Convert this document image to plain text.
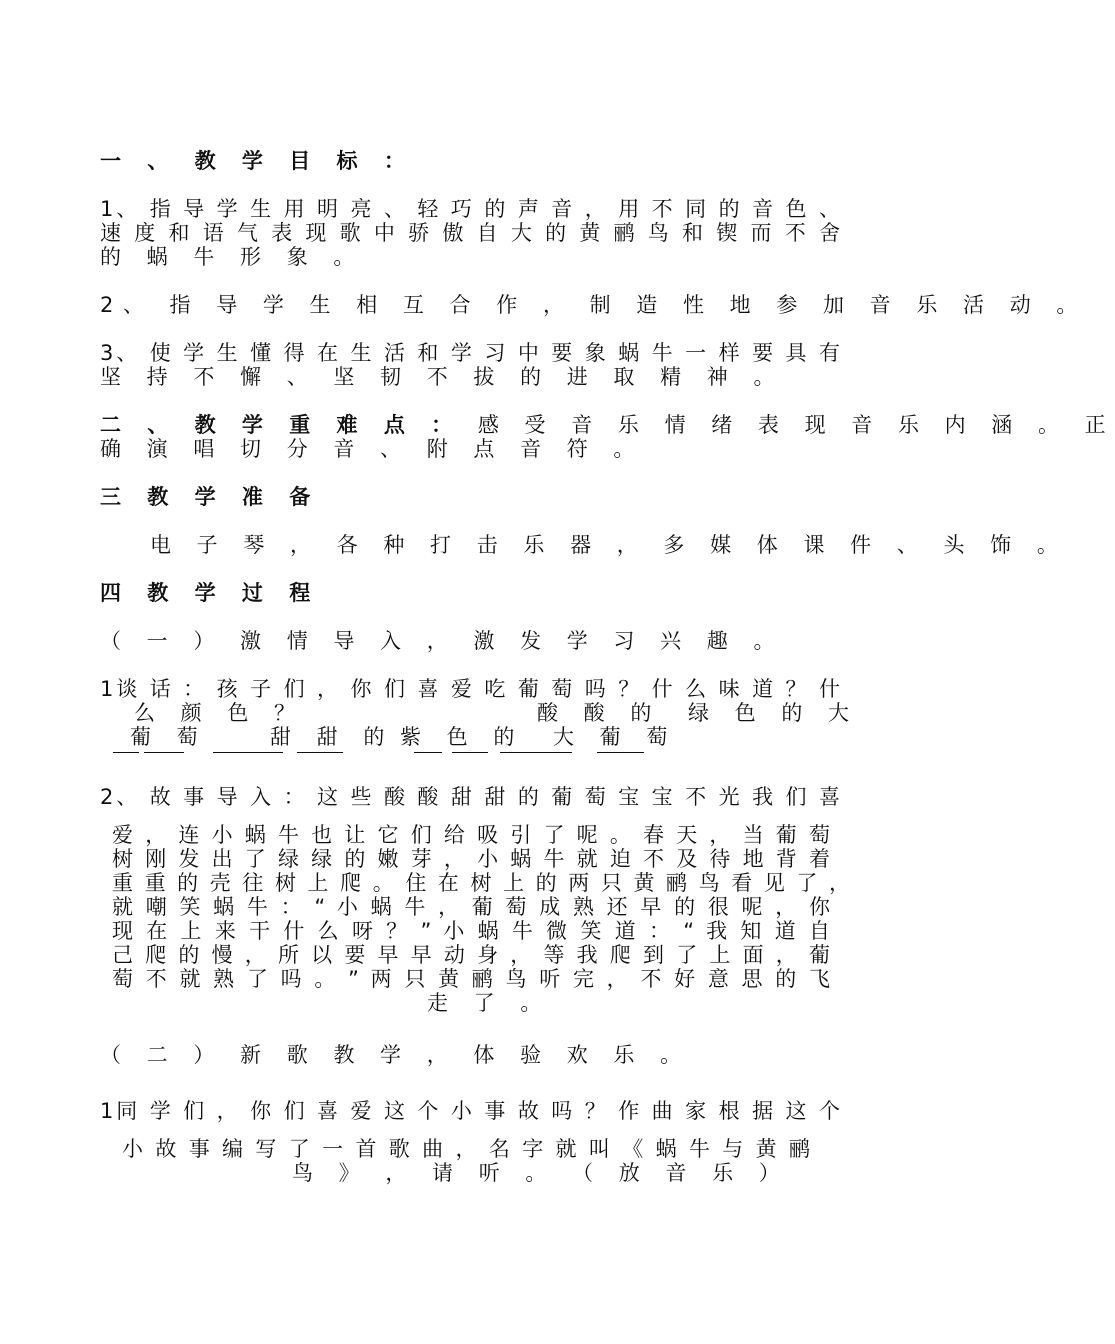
一 、 教 学 目 标 ：
1、 指 导 学 生 用 明 亮 、 轻 巧 的 声 音 ， 用 不 同 的 音 色 、
速 度 和 语 气 表 现 歌 中 骄 傲 自 大 的 黄 鹂 鸟 和 锲 而 不 舍
的 蜗 牛 形 象 。
2、 指 导 学 生 相 互 合 作 ， 制 造 性 地 参 加 音 乐 活 动 。
3、 使 学 生 懂 得 在 生 活 和 学 习 中 要 象 蜗 牛 一 样 要 具 有
坚 持 不 懈 、 坚 韧 不 拔 的 进 取 精 神 。
二 、 教 学 重 难 点 ： 感 受 音 乐 情 绪 表 现 音 乐 内 涵 。 正
确 演 唱 切 分 音 、 附 点 音 符 。
三 教 学 准 备
电 子 琴 ， 各 种 打 击 乐 器 ， 多 媒 体 课 件 、 头 饰 。
四 教 学 过 程
（ 一 ） 激 情 导 入 ， 激 发 学 习 兴 趣 。
1谈 话 ： 孩 子 们 ， 你 们 喜 爱 吃 葡 萄 吗 ？ 什 么 味 道 ？ 什
么 颜 色 ？	酸 酸 的 绿 色 的 大
葡 萄	甜 甜 的 紫 色 的 大 葡 萄
2、 故 事 导 入 ： 这 些 酸 酸 甜 甜 的 葡 萄 宝 宝 不 光 我 们 喜
爱 ， 连 小 蜗 牛 也 让 它 们 给 吸 引 了 呢 。 春 天 ， 当 葡 萄
树 刚 发 出 了 绿 绿 的 嫩 芽 ， 小 蜗 牛 就 迫 不 及 待 地 背 着
重 重 的 壳 往 树 上 爬 。 住 在 树 上 的 两 只 黄 鹂 鸟 看 见 了 ，
就 嘲 笑 蜗 牛 ： “ 小 蜗 牛 ， 葡 萄 成 熟 还 早 的 很 呢 ， 你
现 在 上 来 干 什 么 呀 ？ ” 小 蜗 牛 微 笑 道 ： “ 我 知 道 自
己 爬 的 慢 ， 所 以 要 早 早 动 身 ， 等 我 爬 到 了 上 面 ， 葡
萄 不 就 熟 了 吗 。 ” 两 只 黄 鹂 鸟 听 完 ， 不 好 意 思 的 飞
走 了 。
（ 二 ） 新 歌 教 学 ， 体 验 欢 乐 。
1同 学 们 ， 你 们 喜 爱 这 个 小 事 故 吗 ？ 作 曲 家 根 据 这 个
小 故 事 编 写 了 一 首 歌 曲 ， 名 字 就 叫 《 蜗 牛 与 黄 鹂
鸟 》 ， 请 听 。 （ 放 音 乐 ）
